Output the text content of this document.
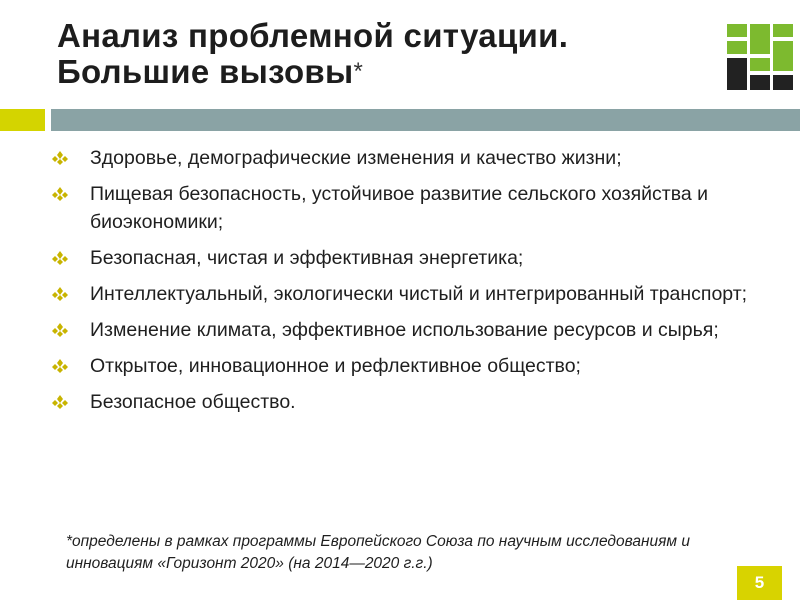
Анализ проблемной ситуации.
Большие вызовы*
Здоровье, демографические изменения и качество жизни;
Пищевая безопасность, устойчивое развитие сельского хозяйства и биоэкономики;
Безопасная, чистая и эффективная энергетика;
Интеллектуальный, экологически чистый и интегрированный транспорт;
Изменение климата, эффективное использование ресурсов и сырья;
Открытое, инновационное и рефлективное общество;
Безопасное общество.
*определены в рамках программы Европейского Союза по научным исследованиям и инновациям «Горизонт 2020» (на 2014—2020 г.г.)
5
